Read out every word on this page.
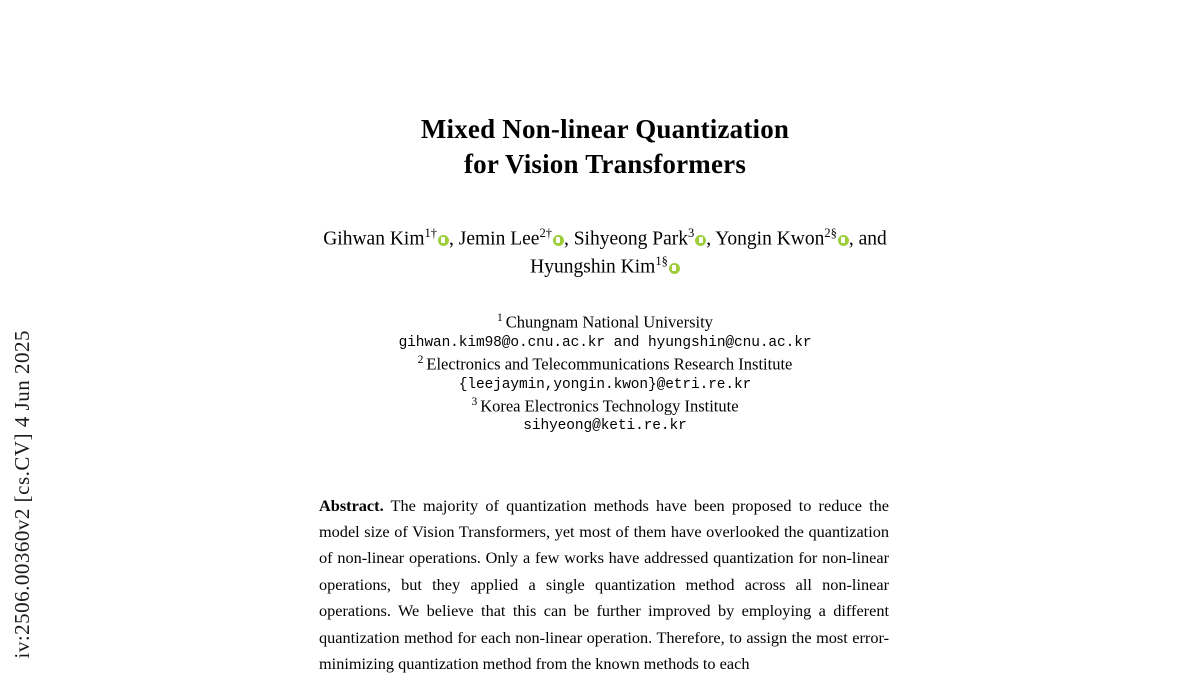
iv:2506.00360v2 [cs.CV] 4 Jun 2025
Mixed Non-linear Quantization
for Vision Transformers
Gihwan Kim$^{1\dagger}$ , Jemin Lee$^{2\dagger}$ , Sihyeong Park$^3$ , Yongin Kwon$^{2\S}$ , and
Hyungshin Kim$^{1\S}$
$^1$ Chungnam National University
gihwan.kim98@o.cnu.ac.kr and hyungshin@cnu.ac.kr
$^2$ Electronics and Telecommunications Research Institute
{leejaymin,yongin.kwon}@etri.re.kr
$^3$ Korea Electronics Technology Institute
sihyeong@keti.re.kr
Abstract. The majority of quantization methods have been proposed to reduce the model size of Vision Transformers, yet most of them have overlooked the quantization of non-linear operations. Only a few works have addressed quantization for non-linear operations, but they applied a single quantization method across all non-linear operations. We believe that this can be further improved by employing a different quantization method for each non-linear operation. Therefore, to assign the most error-minimizing quantization method from the known methods to each
